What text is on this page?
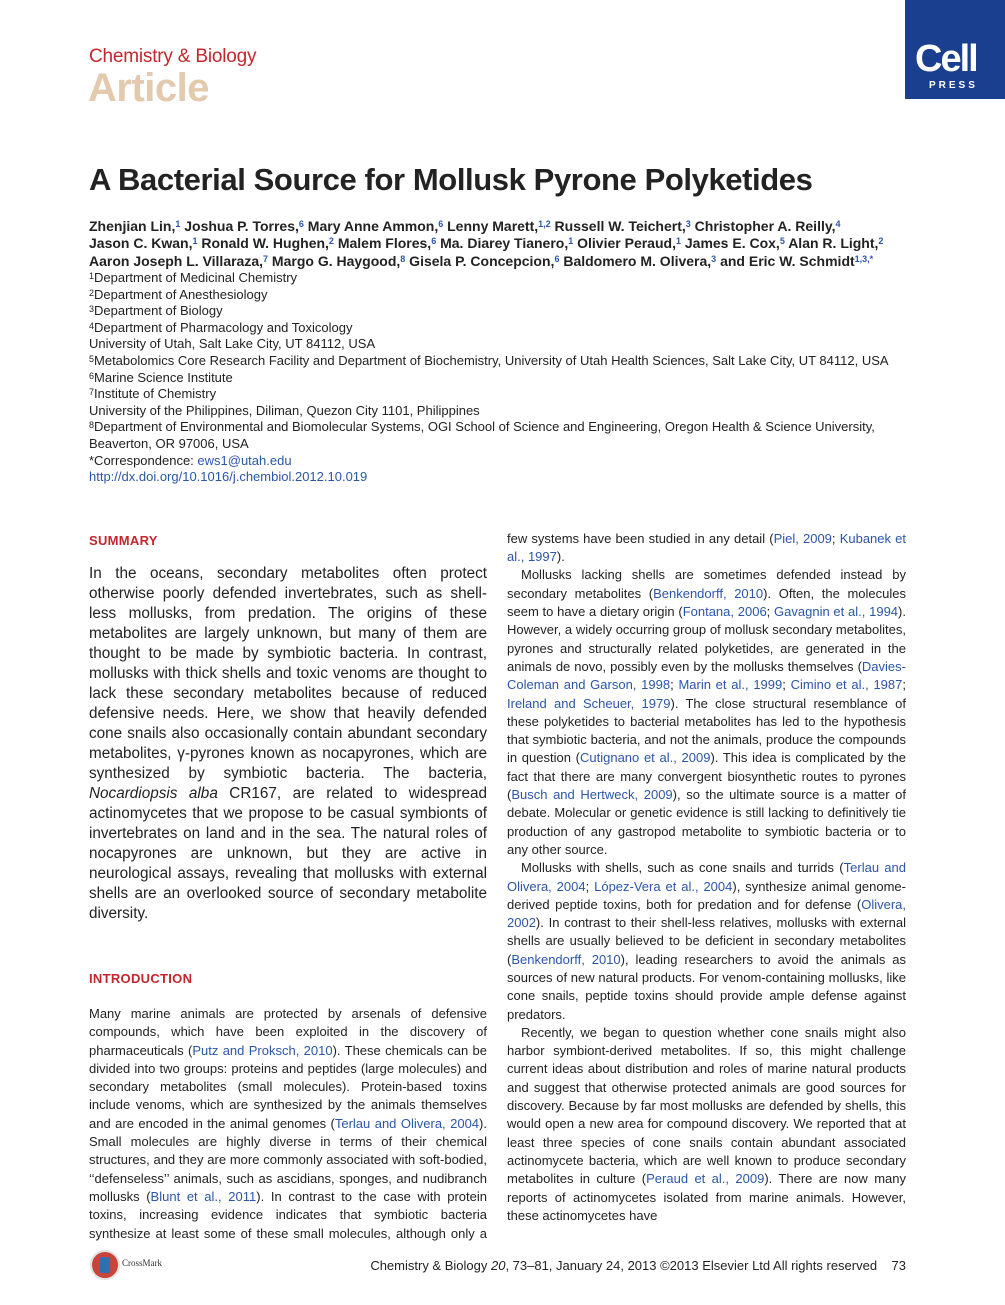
Chemistry & Biology
Article
Cell
PRESS
A Bacterial Source for Mollusk Pyrone Polyketides
Zhenjian Lin,$^1$ Joshua P. Torres,$^6$ Mary Anne Ammon,$^6$ Lenny Marett,$^{1,2}$ Russell W. Teichert,$^3$ Christopher A. Reilly,$^4$
Jason C. Kwan,$^1$ Ronald W. Hughen,$^2$ Malem Flores,$^6$ Ma. Diarey Tianero,$^1$ Olivier Peraud,$^1$ James E. Cox,$^5$ Alan R. Light,$^2$
Aaron Joseph L. Villaraza,$^7$ Margo G. Haygood,$^8$ Gisela P. Concepcion,$^6$ Baldomero M. Olivera,$^3$ and Eric W. Schmidt$^{1,3,*}$
$^1$Department of Medicinal Chemistry
$^2$Department of Anesthesiology
$^3$Department of Biology
$^4$Department of Pharmacology and Toxicology
University of Utah, Salt Lake City, UT 84112, USA
$^5$Metabolomics Core Research Facility and Department of Biochemistry, University of Utah Health Sciences, Salt Lake City, UT 84112, USA
$^6$Marine Science Institute
$^7$Institute of Chemistry
University of the Philippines, Diliman, Quezon City 1101, Philippines
$^8$Department of Environmental and Biomolecular Systems, OGI School of Science and Engineering, Oregon Health & Science University,
Beaverton, OR 97006, USA
*Correspondence: ews1@utah.edu
http://dx.doi.org/10.1016/j.chembiol.2012.10.019
SUMMARY
In the oceans, secondary metabolites often protect otherwise poorly defended invertebrates, such as shell-less mollusks, from predation. The origins of these metabolites are largely unknown, but many of them are thought to be made by symbiotic bacteria. In contrast, mollusks with thick shells and toxic venoms are thought to lack these secondary metabolites because of reduced defensive needs. Here, we show that heavily defended cone snails also occasionally contain abundant secondary metabolites, γ-pyrones known as nocapyrones, which are synthesized by symbiotic bacteria. The bacteria, Nocardiopsis alba CR167, are related to widespread actinomycetes that we propose to be casual symbionts of invertebrates on land and in the sea. The natural roles of nocapyrones are unknown, but they are active in neurological assays, revealing that mollusks with external shells are an overlooked source of secondary metabolite diversity.
INTRODUCTION

Many marine animals are protected by arsenals of defensive compounds, which have been exploited in the discovery of pharmaceuticals (Putz and Proksch, 2010). These chemicals can be divided into two groups: proteins and peptides (large molecules) and secondary metabolites (small molecules). Protein-based toxins include venoms, which are synthesized by the animals themselves and are encoded in the animal genomes (Terlau and Olivera, 2004). Small molecules are highly diverse in terms of their chemical structures, and they are more commonly associated with soft-bodied, ‘‘defenseless’’ animals, such as ascidians, sponges, and nudibranch mollusks (Blunt et al., 2011). In contrast to the case with protein toxins, increasing evidence indicates that symbiotic bacteria synthesize at least some of these small molecules, although only a

few systems have been studied in any detail (Piel, 2009; Kubanek et al., 1997).

Mollusks lacking shells are sometimes defended instead by secondary metabolites (Benkendorff, 2010). Often, the molecules seem to have a dietary origin (Fontana, 2006; Gavagnin et al., 1994). However, a widely occurring group of mollusk secondary metabolites, pyrones and structurally related polyketides, are generated in the animals de novo, possibly even by the mollusks themselves (Davies-Coleman and Garson, 1998; Marin et al., 1999; Cimino et al., 1987; Ireland and Scheuer, 1979). The close structural resemblance of these polyketides to bacterial metabolites has led to the hypothesis that symbiotic bacteria, and not the animals, produce the compounds in question (Cutignano et al., 2009). This idea is complicated by the fact that there are many convergent biosynthetic routes to pyrones (Busch and Hertweck, 2009), so the ultimate source is a matter of debate. Molecular or genetic evidence is still lacking to definitively tie production of any gastropod metabolite to symbiotic bacteria or to any other source.

Mollusks with shells, such as cone snails and turrids (Terlau and Olivera, 2004; López-Vera et al., 2004), synthesize animal genome-derived peptide toxins, both for predation and for defense (Olivera, 2002). In contrast to their shell-less relatives, mollusks with external shells are usually believed to be deficient in secondary metabolites (Benkendorff, 2010), leading researchers to avoid the animals as sources of new natural products. For venom-containing mollusks, like cone snails, peptide toxins should provide ample defense against predators.

Recently, we began to question whether cone snails might also harbor symbiont-derived metabolites. If so, this might challenge current ideas about distribution and roles of marine natural products and suggest that otherwise protected animals are good sources for discovery. Because by far most mollusks are defended by shells, this would open a new area for compound discovery. We reported that at least three species of cone snails contain abundant associated actinomycete bacteria, which are well known to produce secondary metabolites in culture (Peraud et al., 2009). There are now many reports of actinomycetes isolated from marine animals. However, these actinomycetes have

CrossMark	Chemistry & Biology 20, 73–81, January 24, 2013 ©2013 Elsevier Ltd All rights reserved 73
